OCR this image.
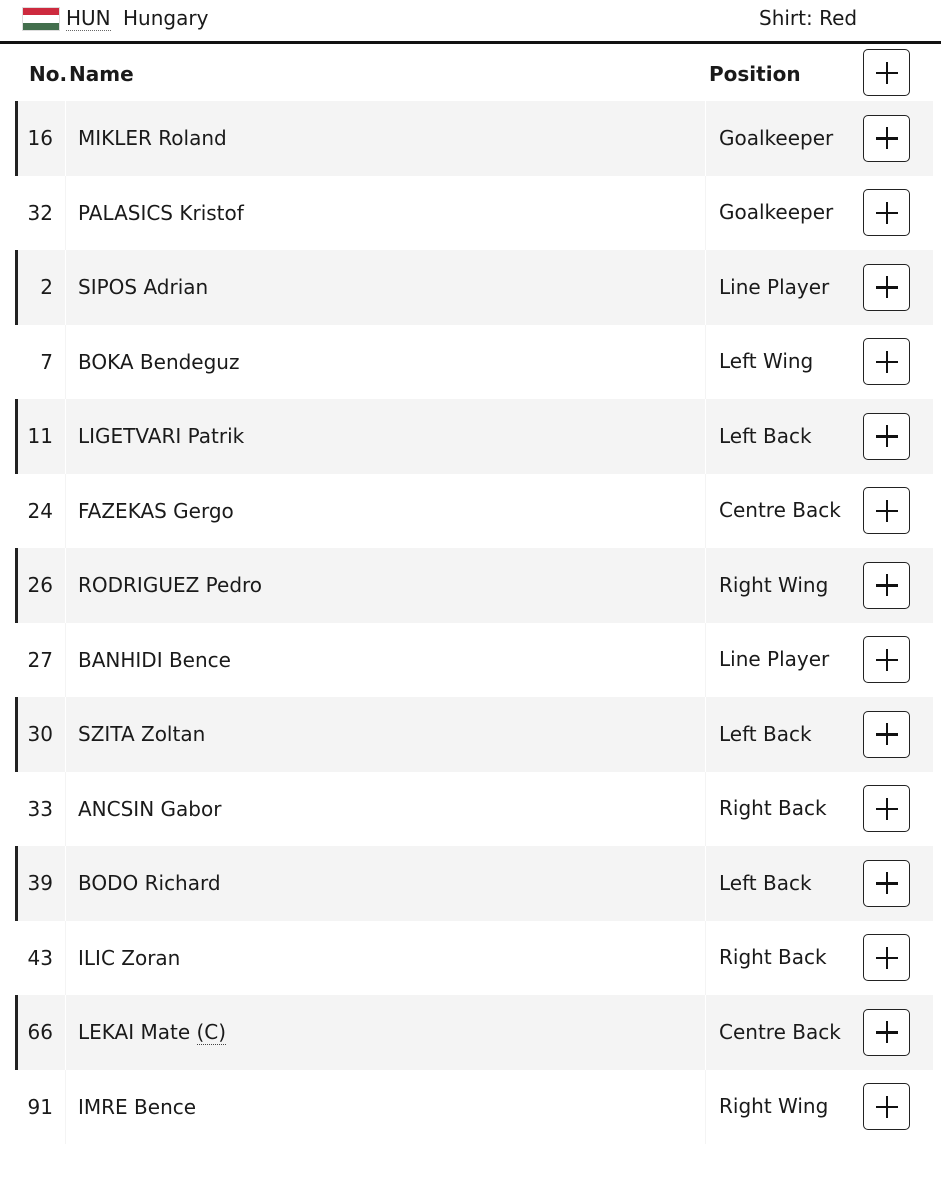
HUN Hungary	Shirt: Red
No. Name	Position
16 MIKLER Roland	Goalkeeper
32 PALASICS Kristof	Goalkeeper
2 SIPOS Adrian	Line Player
7 BOKA Bendeguz	Left Wing
11 LIGETVARI Patrik	Left Back
24 FAZEKAS Gergo	Centre Back
26 RODRIGUEZ Pedro	Right Wing
27 BANHIDI Bence	Line Player
30 SZITA Zoltan	Left Back
33 ANCSIN Gabor	Right Back
39 BODO Richard	Left Back
43 ILIC Zoran	Right Back
66 LEKAI Mate (C)	Centre Back
91 IMRE Bence	Right Wing
